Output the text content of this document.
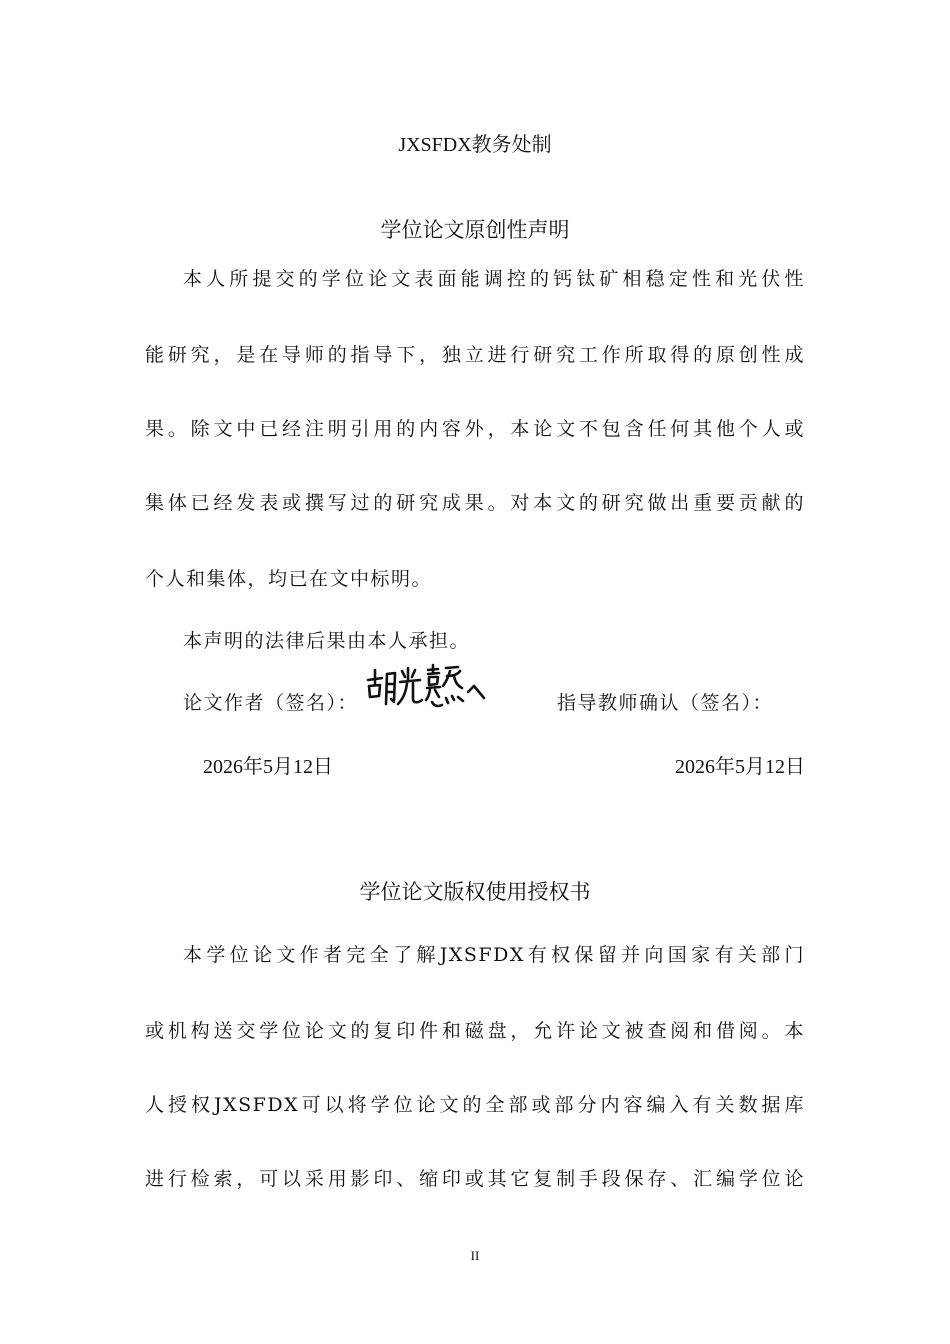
JXSFDX教务处制
学位论文原创性声明
本人所提交的学位论文表面能调控的钙钛矿相稳定性和光伏性
能研究，是在导师的指导下，独立进行研究工作所取得的原创性成
果。除文中已经注明引用的内容外，本论文不包含任何其他个人或
集体已经发表或撰写过的研究成果。对本文的研究做出重要贡献的
个人和集体，均已在文中标明。
本声明的法律后果由本人承担。
论文作者（签名）：	指导教师确认（签名）：
2026年5月12日	2026年5月12日
学位论文版权使用授权书
本学位论文作者完全了解JXSFDX有权保留并向国家有关部门
或机构送交学位论文的复印件和磁盘，允许论文被查阅和借阅。本
人授权JXSFDX可以将学位论文的全部或部分内容编入有关数据库
进行检索，可以采用影印、缩印或其它复制手段保存、汇编学位论
II
